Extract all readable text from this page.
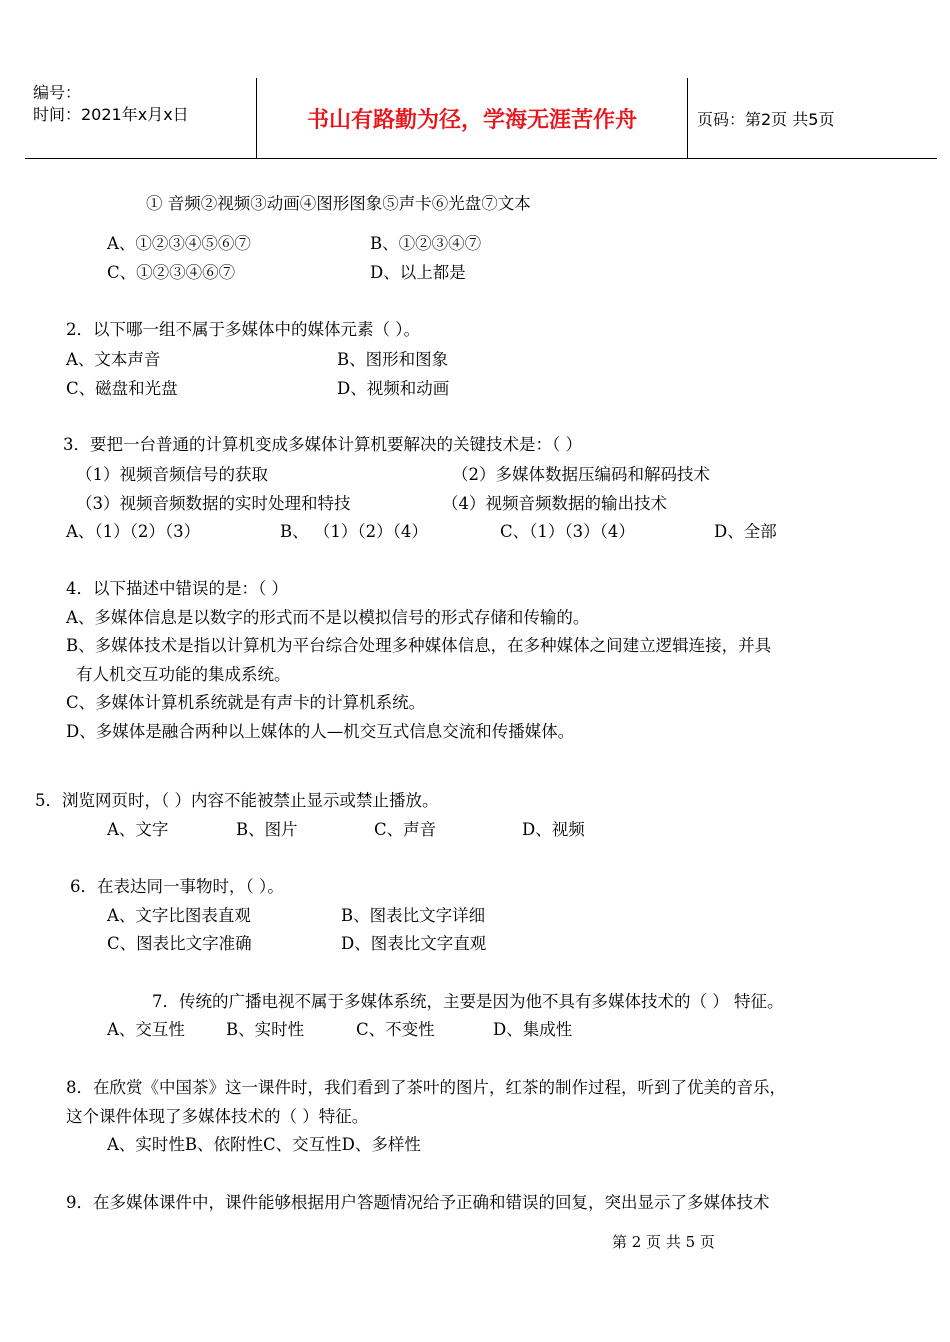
编号：
时间：2021年x月x日	书山有路勤为径，学海无涯苦作舟	页码：第2页 共5页
① 音频②视频③动画④图形图象⑤声卡⑥光盘⑦文本
A、①②③④⑤⑥⑦	B、①②③④⑦
C、①②③④⑥⑦	D、以上都是
2．以下哪一组不属于多媒体中的媒体元素（ ）。
A、文本声音	B、图形和图象
C、磁盘和光盘	D、视频和动画
3．要把一台普通的计算机变成多媒体计算机要解决的关键技术是：（ ）
（1）视频音频信号的获取	（2）多媒体数据压编码和解码技术
（3）视频音频数据的实时处理和特技	（4）视频音频数据的输出技术
A、（1）（2）（3）	B、 （1）（2）（4）	C、（1）（3）（4）	D、全部
4．以下描述中错误的是：（ ）
A、多媒体信息是以数字的形式而不是以模拟信号的形式存储和传输的。
B、多媒体技术是指以计算机为平台综合处理多种媒体信息，在多种媒体之间建立逻辑连接，并具
有人机交互功能的集成系统。
C、多媒体计算机系统就是有声卡的计算机系统。
D、多媒体是融合两种以上媒体的人—机交互式信息交流和传播媒体。
5．浏览网页时，（ ）内容不能被禁止显示或禁止播放。
A、文字	B、图片	C、声音	D、视频
6．在表达同一事物时，（ ）。
A、文字比图表直观	B、图表比文字详细
C、图表比文字准确	D、图表比文字直观
7．传统的广播电视不属于多媒体系统，主要是因为他不具有多媒体技术的（ ） 特征。
A、交互性 B、实时性	C、不变性	D、集成性
8．在欣赏《中国茶》这一课件时，我们看到了茶叶的图片，红茶的制作过程，听到了优美的音乐，
这个课件体现了多媒体技术的（ ）特征。
A、实时性B、依附性C、交互性D、多样性
9．在多媒体课件中，课件能够根据用户答题情况给予正确和错误的回复，突出显示了多媒体技术
第 2 页 共 5 页
